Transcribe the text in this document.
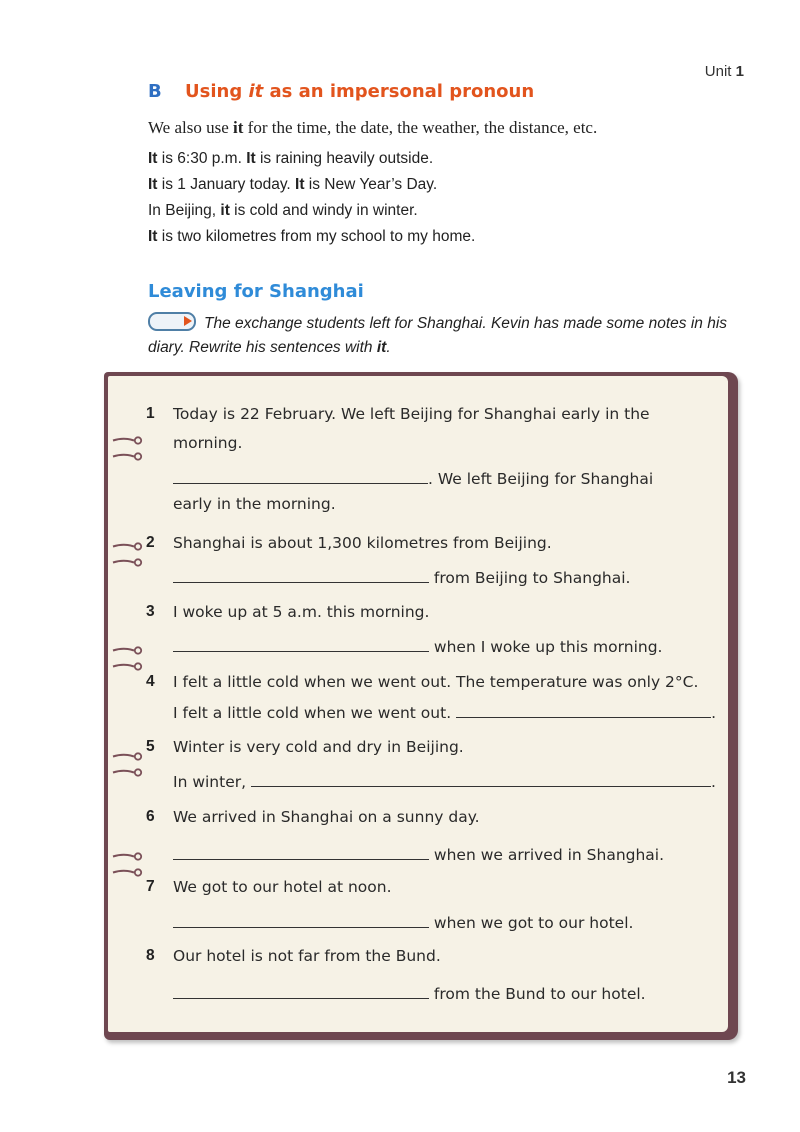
Unit 1
B Using it as an impersonal pronoun
We also use it for the time, the date, the weather, the distance, etc.
It is 6:30 p.m. It is raining heavily outside.
It is 1 January today. It is New Year’s Day.
In Beijing, it is cold and windy in winter.
It is two kilometres from my school to my home.
Leaving for Shanghai
The exchange students left for Shanghai. Kevin has made some notes in his diary. Rewrite his sentences with it.
1 Today is 22 February. We left Beijing for Shanghai early in the
morning.
. We left Beijing for Shanghai
early in the morning.
2 Shanghai is about 1,300 kilometres from Beijing.
from Beijing to Shanghai.
3 I woke up at 5 a.m. this morning.
when I woke up this morning.
4 I felt a little cold when we went out. The temperature was only 2°C.
I felt a little cold when we went out.	.
5 Winter is very cold and dry in Beijing.
In winter,	.
6 We arrived in Shanghai on a sunny day.
when we arrived in Shanghai.
7 We got to our hotel at noon.
when we got to our hotel.
8 Our hotel is not far from the Bund.
from the Bund to our hotel.
13
